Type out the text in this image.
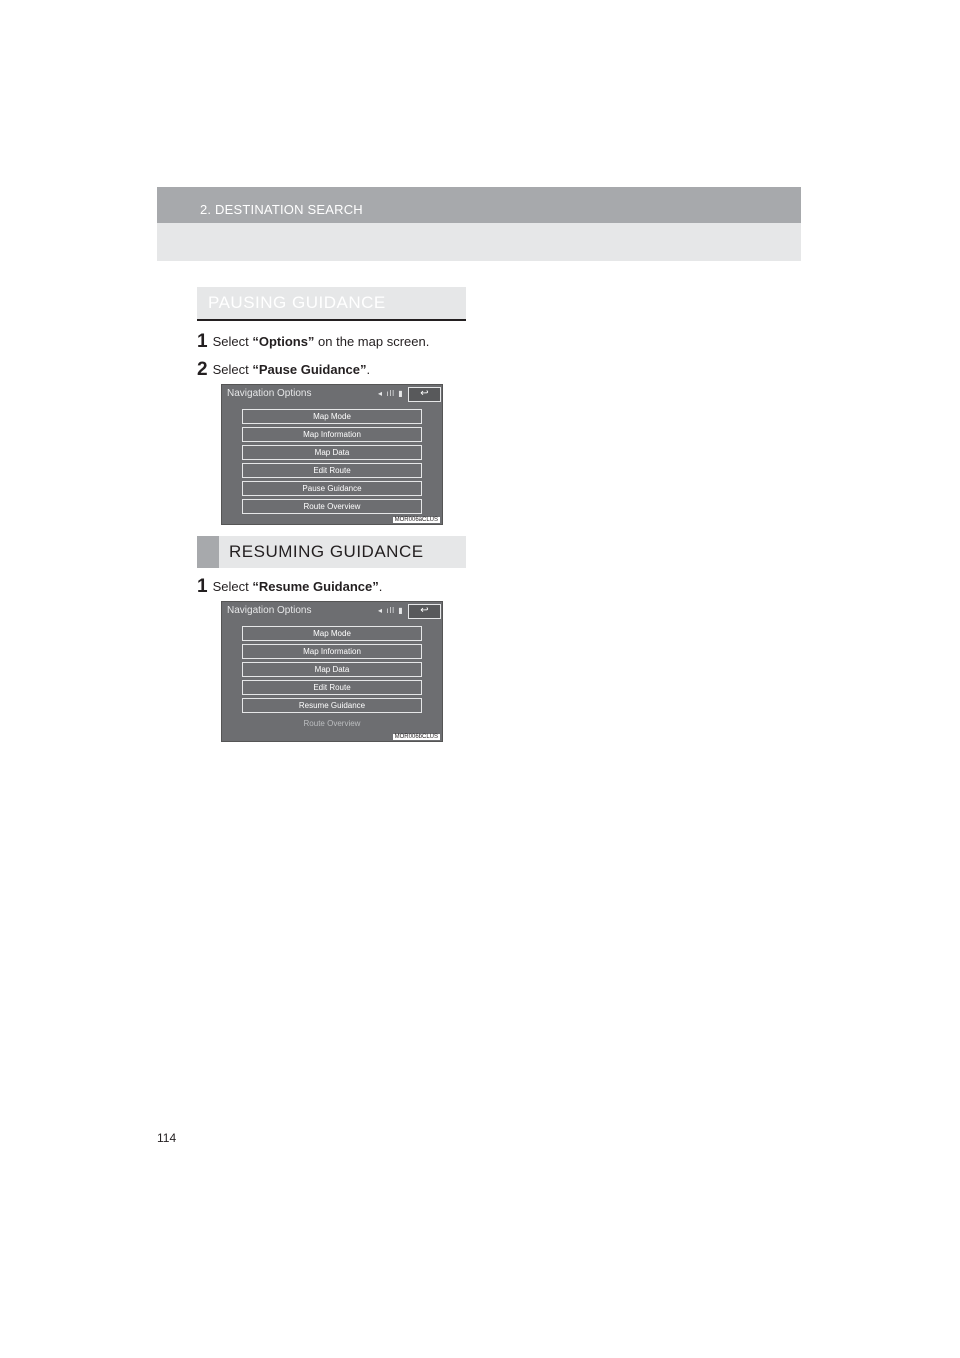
2. DESTINATION SEARCH
PAUSING GUIDANCE
1 Select “Options” on the map screen.
2 Select “Pause Guidance”.
Navigation Options	◂ ıll ▮	↩
Map Mode
Map Information
Map Data
Edit Route
Pause Guidance
Route Overview
MOR006aCLUS
RESUMING GUIDANCE
1 Select “Resume Guidance”.
Navigation Options	◂ ıll ▮	↩
Map Mode
Map Information
Map Data
Edit Route
Resume Guidance
Route Overview
MOR006bCLUS
114
